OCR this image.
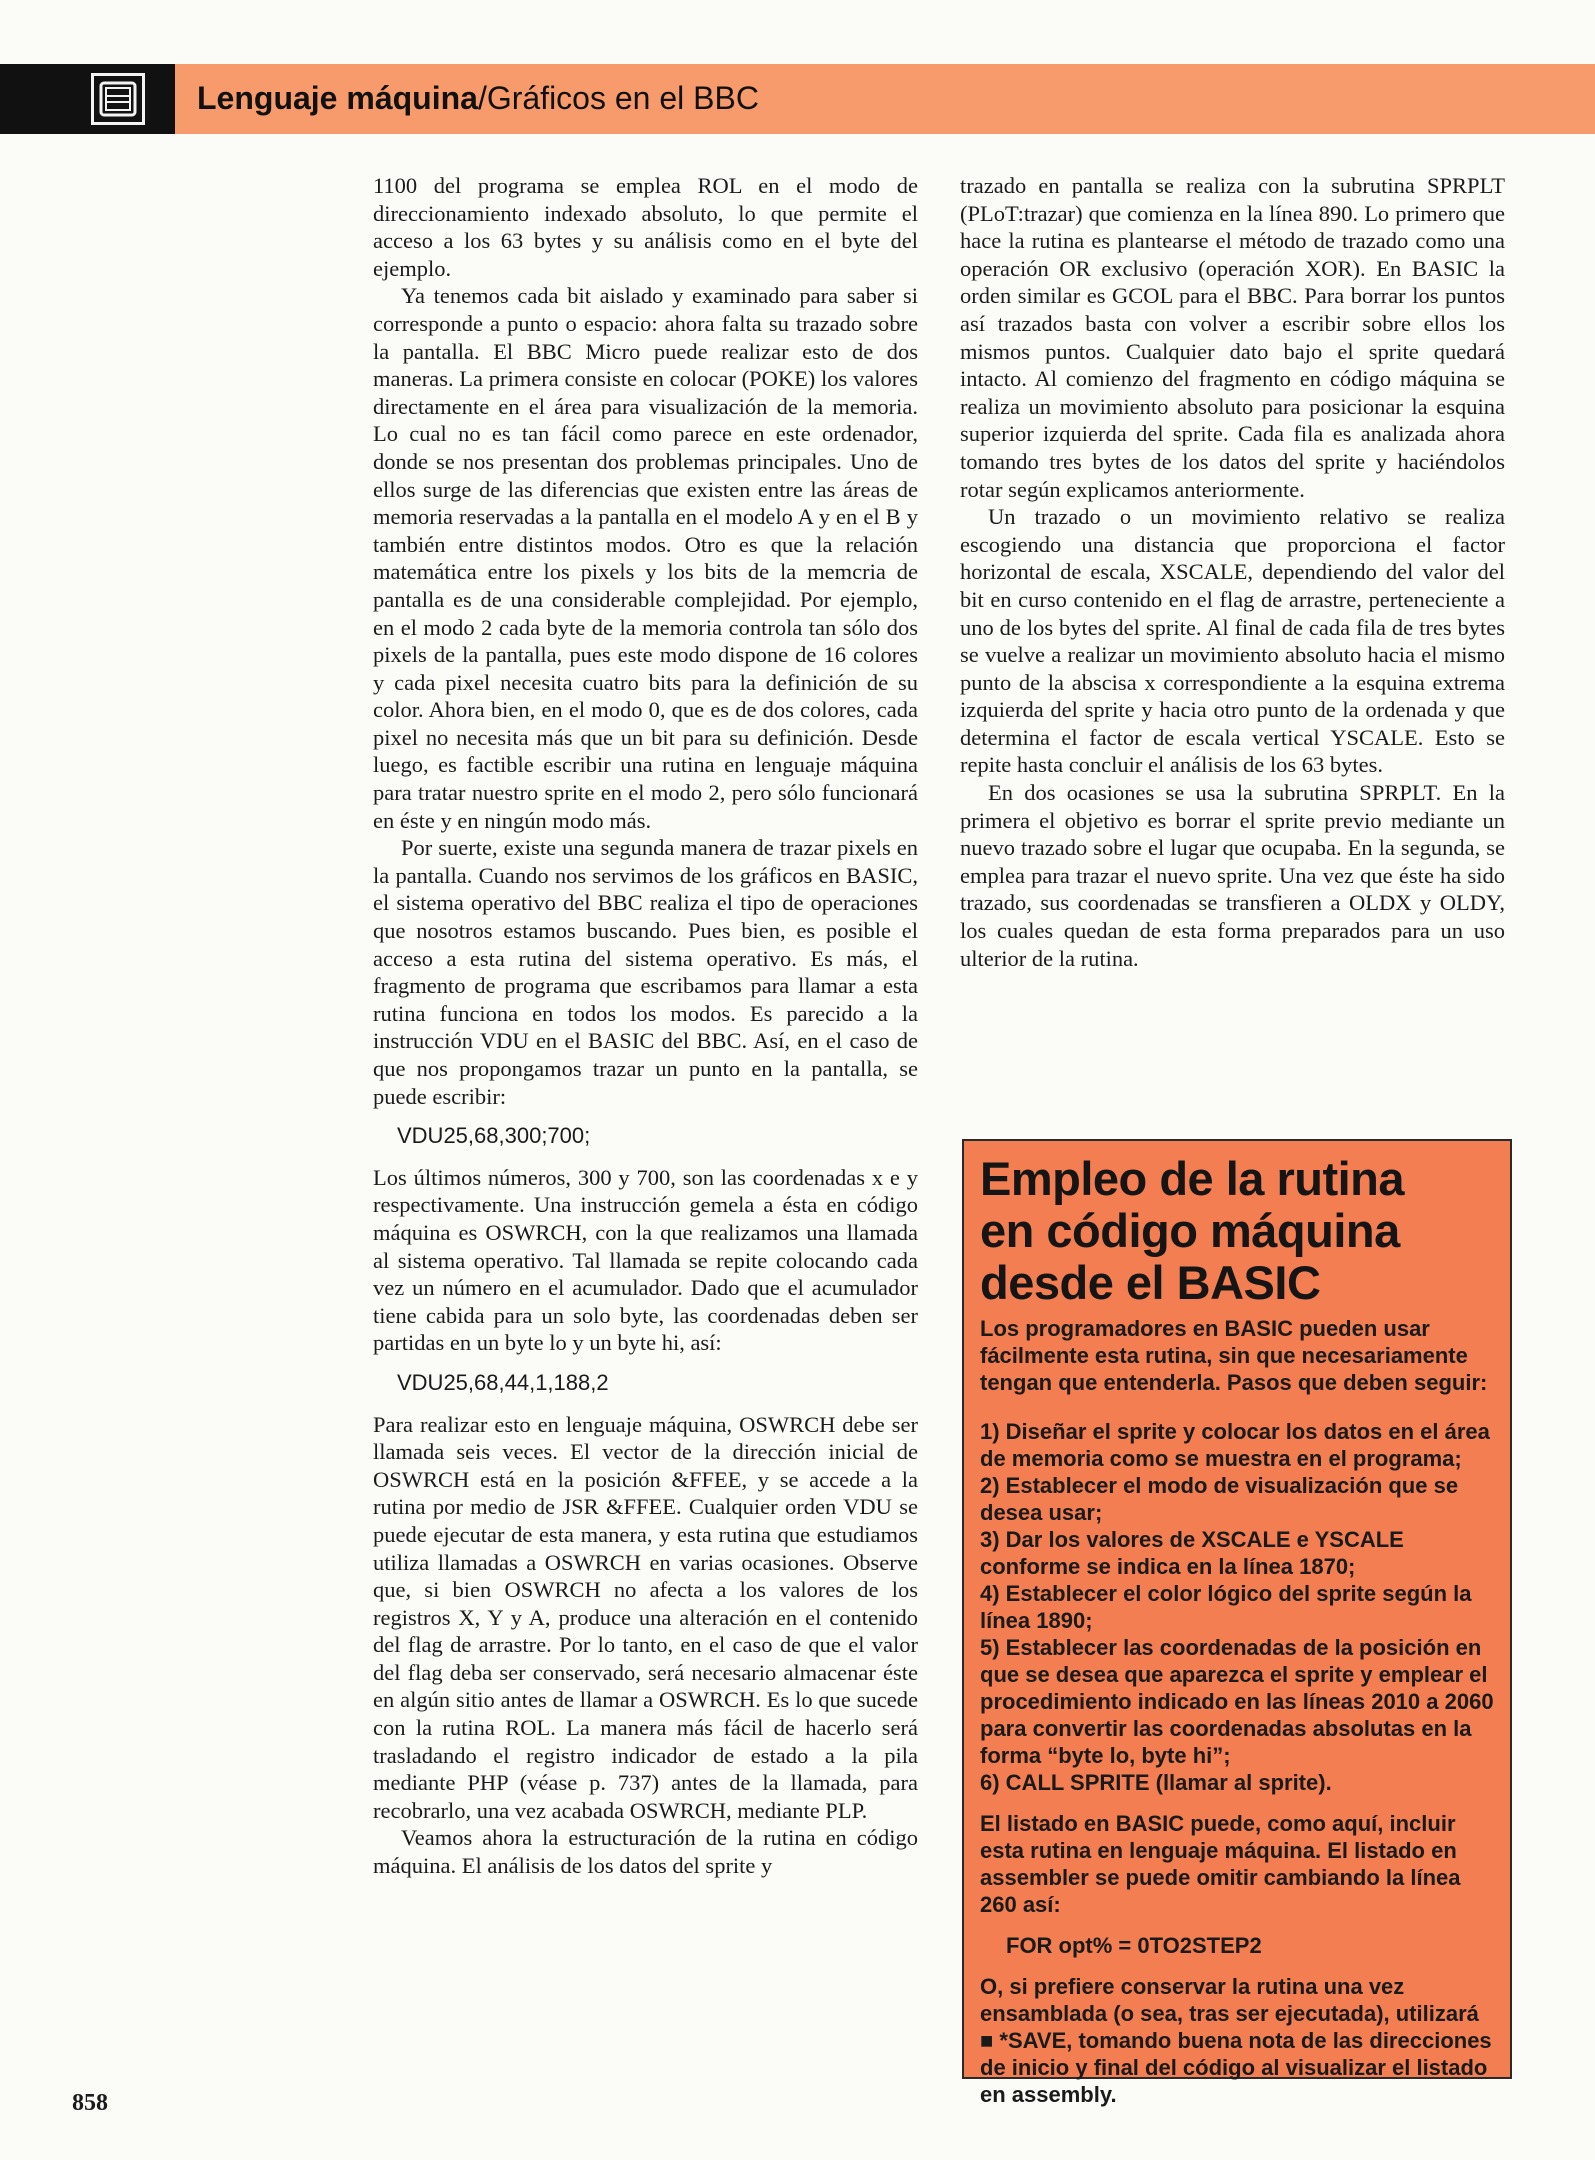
Lenguaje máquina/Gráficos en el BBC

1100 del programa se emplea ROL en el modo de direccionamiento indexado absoluto, lo que permite el acceso a los 63 bytes y su análisis como en el byte del ejemplo.

Ya tenemos cada bit aislado y examinado para saber si corresponde a punto o espacio: ahora falta su trazado sobre la pantalla. El BBC Micro puede realizar esto de dos maneras. La primera consiste en colocar (POKE) los valores directamente en el área para visualización de la memoria. Lo cual no es tan fácil como parece en este ordenador, donde se nos presentan dos problemas principales. Uno de ellos surge de las diferencias que existen entre las áreas de memoria reservadas a la pantalla en el modelo A y en el B y también entre distintos modos. Otro es que la relación matemática entre los pixels y los bits de la memcria de pantalla es de una considerable complejidad. Por ejemplo, en el modo 2 cada byte de la memoria controla tan sólo dos pixels de la pantalla, pues este modo dispone de 16 colores y cada pixel necesita cuatro bits para la definición de su color. Ahora bien, en el modo 0, que es de dos colores, cada pixel no necesita más que un bit para su definición. Desde luego, es factible escribir una rutina en lenguaje máquina para tratar nuestro sprite en el modo 2, pero sólo funcionará en éste y en ningún modo más.

Por suerte, existe una segunda manera de trazar pixels en la pantalla. Cuando nos servimos de los gráficos en BASIC, el sistema operativo del BBC realiza el tipo de operaciones que nosotros estamos buscando. Pues bien, es posible el acceso a esta rutina del sistema operativo. Es más, el fragmento de programa que escribamos para llamar a esta rutina funciona en todos los modos. Es parecido a la instrucción VDU en el BASIC del BBC. Así, en el caso de que nos propongamos trazar un punto en la pantalla, se puede escribir:

VDU25,68,300;700;

Los últimos números, 300 y 700, son las coordenadas x e y respectivamente. Una instrucción gemela a ésta en código máquina es OSWRCH, con la que realizamos una llamada al sistema operativo. Tal llamada se repite colocando cada vez un número en el acumulador. Dado que el acumulador tiene cabida para un solo byte, las coordenadas deben ser partidas en un byte lo y un byte hi, así:

VDU25,68,44,1,188,2

Para realizar esto en lenguaje máquina, OSWRCH debe ser llamada seis veces. El vector de la dirección inicial de OSWRCH está en la posición &FFEE, y se accede a la rutina por medio de JSR &FFEE. Cualquier orden VDU se puede ejecutar de esta manera, y esta rutina que estudiamos utiliza llamadas a OSWRCH en varias ocasiones. Observe que, si bien OSWRCH no afecta a los valores de los registros X, Y y A, produce una alteración en el contenido del flag de arrastre. Por lo tanto, en el caso de que el valor del flag deba ser conservado, será necesario almacenar éste en algún sitio antes de llamar a OSWRCH. Es lo que sucede con la rutina ROL. La manera más fácil de hacerlo será trasladando el registro indicador de estado a la pila mediante PHP (véase p. 737) antes de la llamada, para recobrarlo, una vez acabada OSWRCH, mediante PLP.

Veamos ahora la estructuración de la rutina en código máquina. El análisis de los datos del sprite y

trazado en pantalla se realiza con la subrutina SPRPLT (PLoT:trazar) que comienza en la línea 890. Lo primero que hace la rutina es plantearse el método de trazado como una operación OR exclusivo (operación XOR). En BASIC la orden similar es GCOL para el BBC. Para borrar los puntos así trazados basta con volver a escribir sobre ellos los mismos puntos. Cualquier dato bajo el sprite quedará intacto. Al comienzo del fragmento en código máquina se realiza un movimiento absoluto para posicionar la esquina superior izquierda del sprite. Cada fila es analizada ahora tomando tres bytes de los datos del sprite y haciéndolos rotar según explicamos anteriormente.

Un trazado o un movimiento relativo se realiza escogiendo una distancia que proporciona el factor horizontal de escala, XSCALE, dependiendo del valor del bit en curso contenido en el flag de arrastre, perteneciente a uno de los bytes del sprite. Al final de cada fila de tres bytes se vuelve a realizar un movimiento absoluto hacia el mismo punto de la abscisa x correspondiente a la esquina extrema izquierda del sprite y hacia otro punto de la ordenada y que determina el factor de escala vertical YSCALE. Esto se repite hasta concluir el análisis de los 63 bytes.

En dos ocasiones se usa la subrutina SPRPLT. En la primera el objetivo es borrar el sprite previo mediante un nuevo trazado sobre el lugar que ocupaba. En la segunda, se emplea para trazar el nuevo sprite. Una vez que éste ha sido trazado, sus coordenadas se transfieren a OLDX y OLDY, los cuales quedan de esta forma preparados para un uso ulterior de la rutina.

Empleo de la rutina
en código máquina
desde el BASIC

Los programadores en BASIC pueden usar fácilmente esta rutina, sin que necesariamente tengan que entenderla. Pasos que deben seguir:

1) Diseñar el sprite y colocar los datos en el área de memoria como se muestra en el programa;

2) Establecer el modo de visualización que se desea usar;

3) Dar los valores de XSCALE e YSCALE conforme se indica en la línea 1870;

4) Establecer el color lógico del sprite según la línea 1890;

5) Establecer las coordenadas de la posición en que se desea que aparezca el sprite y emplear el procedimiento indicado en las líneas 2010 a 2060 para convertir las coordenadas absolutas en la forma “byte lo, byte hi”;

6) CALL SPRITE (llamar al sprite).

El listado en BASIC puede, como aquí, incluir esta rutina en lenguaje máquina. El listado en assembler se puede omitir cambiando la línea 260 así:

FOR opt% = 0TO2STEP2

O, si prefiere conservar la rutina una vez ensamblada (o sea, tras ser ejecutada), utilizará ■ *SAVE, tomando buena nota de las direcciones de inicio y final del código al visualizar el listado en assembly.

858
